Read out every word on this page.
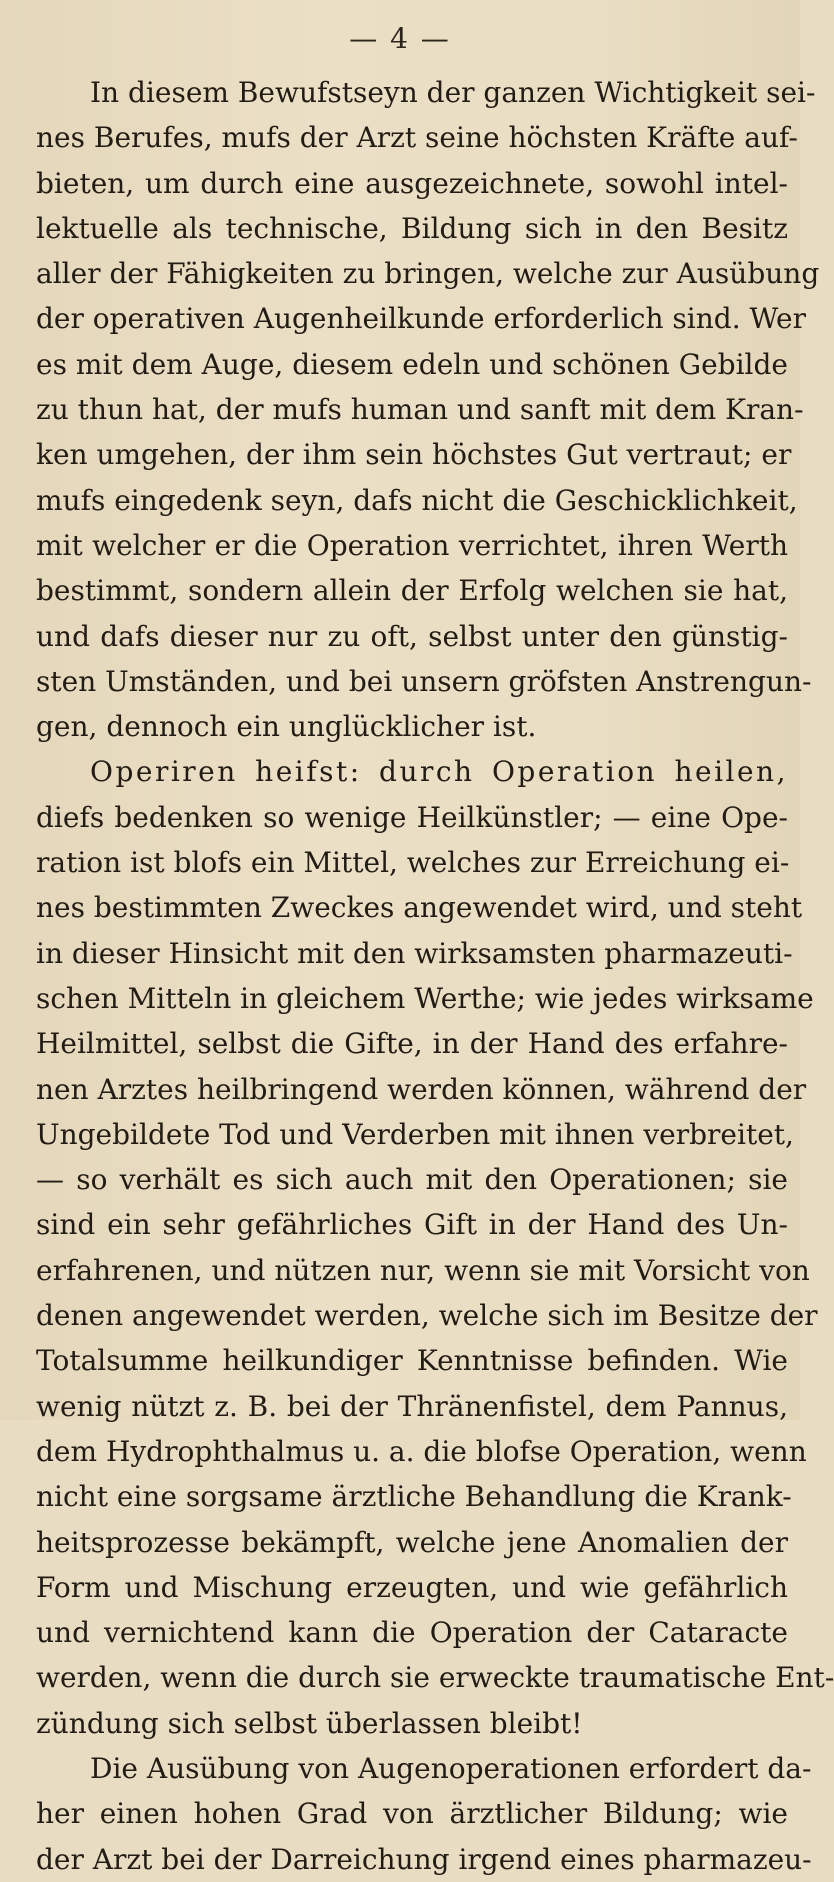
— 4 —
In diesem Bewufstseyn der ganzen Wichtigkeit sei-
nes Berufes, mufs der Arzt seine höchsten Kräfte auf-
bieten, um durch eine ausgezeichnete, sowohl intel-
lektuelle als technische, Bildung sich in den Besitz
aller der Fähigkeiten zu bringen, welche zur Ausübung
der operativen Augenheilkunde erforderlich sind. Wer
es mit dem Auge, diesem edeln und schönen Gebilde
zu thun hat, der mufs human und sanft mit dem Kran-
ken umgehen, der ihm sein höchstes Gut vertraut; er
mufs eingedenk seyn, dafs nicht die Geschicklichkeit,
mit welcher er die Operation verrichtet, ihren Werth
bestimmt, sondern allein der Erfolg welchen sie hat,
und dafs dieser nur zu oft, selbst unter den günstig-
sten Umständen, und bei unsern gröfsten Anstrengun-
gen, dennoch ein unglücklicher ist.
Operiren heifst: durch Operation heilen,
diefs bedenken so wenige Heilkünstler; — eine Ope-
ration ist blofs ein Mittel, welches zur Erreichung ei-
nes bestimmten Zweckes angewendet wird, und steht
in dieser Hinsicht mit den wirksamsten pharmazeuti-
schen Mitteln in gleichem Werthe; wie jedes wirksame
Heilmittel, selbst die Gifte, in der Hand des erfahre-
nen Arztes heilbringend werden können, während der
Ungebildete Tod und Verderben mit ihnen verbreitet,
— so verhält es sich auch mit den Operationen; sie
sind ein sehr gefährliches Gift in der Hand des Un-
erfahrenen, und nützen nur, wenn sie mit Vorsicht von
denen angewendet werden, welche sich im Besitze der
Totalsumme heilkundiger Kenntnisse befinden. Wie
wenig nützt z. B. bei der Thränenfistel, dem Pannus,
dem Hydrophthalmus u. a. die blofse Operation, wenn
nicht eine sorgsame ärztliche Behandlung die Krank-
heitsprozesse bekämpft, welche jene Anomalien der
Form und Mischung erzeugten, und wie gefährlich
und vernichtend kann die Operation der Cataracte
werden, wenn die durch sie erweckte traumatische Ent-
zündung sich selbst überlassen bleibt!
Die Ausübung von Augenoperationen erfordert da-
her einen hohen Grad von ärztlicher Bildung; wie
der Arzt bei der Darreichung irgend eines pharmazeu-
